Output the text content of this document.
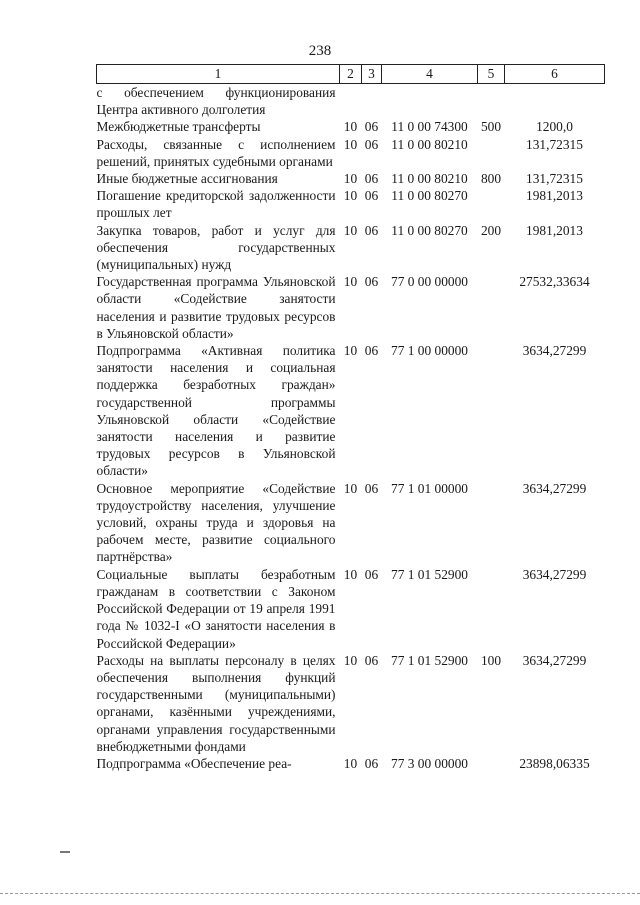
238
1	2	3	4	5	6
с обеспечением функционирования Центра активного долголетия					
Межбюджетные трансферты	10	06	11 0 00 74300	500	1200,0
Расходы, связанные с исполнением решений, принятых судебными органами	10	06	11 0 00 80210		131,72315
Иные бюджетные ассигнования	10	06	11 0 00 80210	800	131,72315
Погашение кредиторской задолженности прошлых лет	10	06	11 0 00 80270		1981,2013
Закупка товаров, работ и услуг для обеспечения государственных (муниципальных) нужд	10	06	11 0 00 80270	200	1981,2013
Государственная программа Ульяновской области «Содействие занятости населения и развитие трудовых ресурсов в Ульяновской области»	10	06	77 0 00 00000		27532,33634
Подпрограмма «Активная политика занятости населения и социальная поддержка безработных граждан» государственной программы Ульяновской области «Содействие занятости населения и развитие трудовых ресурсов в Ульяновской области»	10	06	77 1 00 00000		3634,27299
Основное мероприятие «Содействие трудоустройству населения, улучшение условий, охраны труда и здоровья на рабочем месте, развитие социального партнёрства»	10	06	77 1 01 00000		3634,27299
Социальные выплаты безработным гражданам в соответствии с Законом Российской Федерации от 19 апреля 1991 года № 1032-I «О занятости населения в Российской Федерации»	10	06	77 1 01 52900		3634,27299
Расходы на выплаты персоналу в целях обеспечения выполнения функций государственными (муниципальными) органами, казёнными учреждениями, органами управления государственными внебюджетными фондами	10	06	77 1 01 52900	100	3634,27299
Подпрограмма «Обеспечение реа-	10	06	77 3 00 00000		23898,06335
